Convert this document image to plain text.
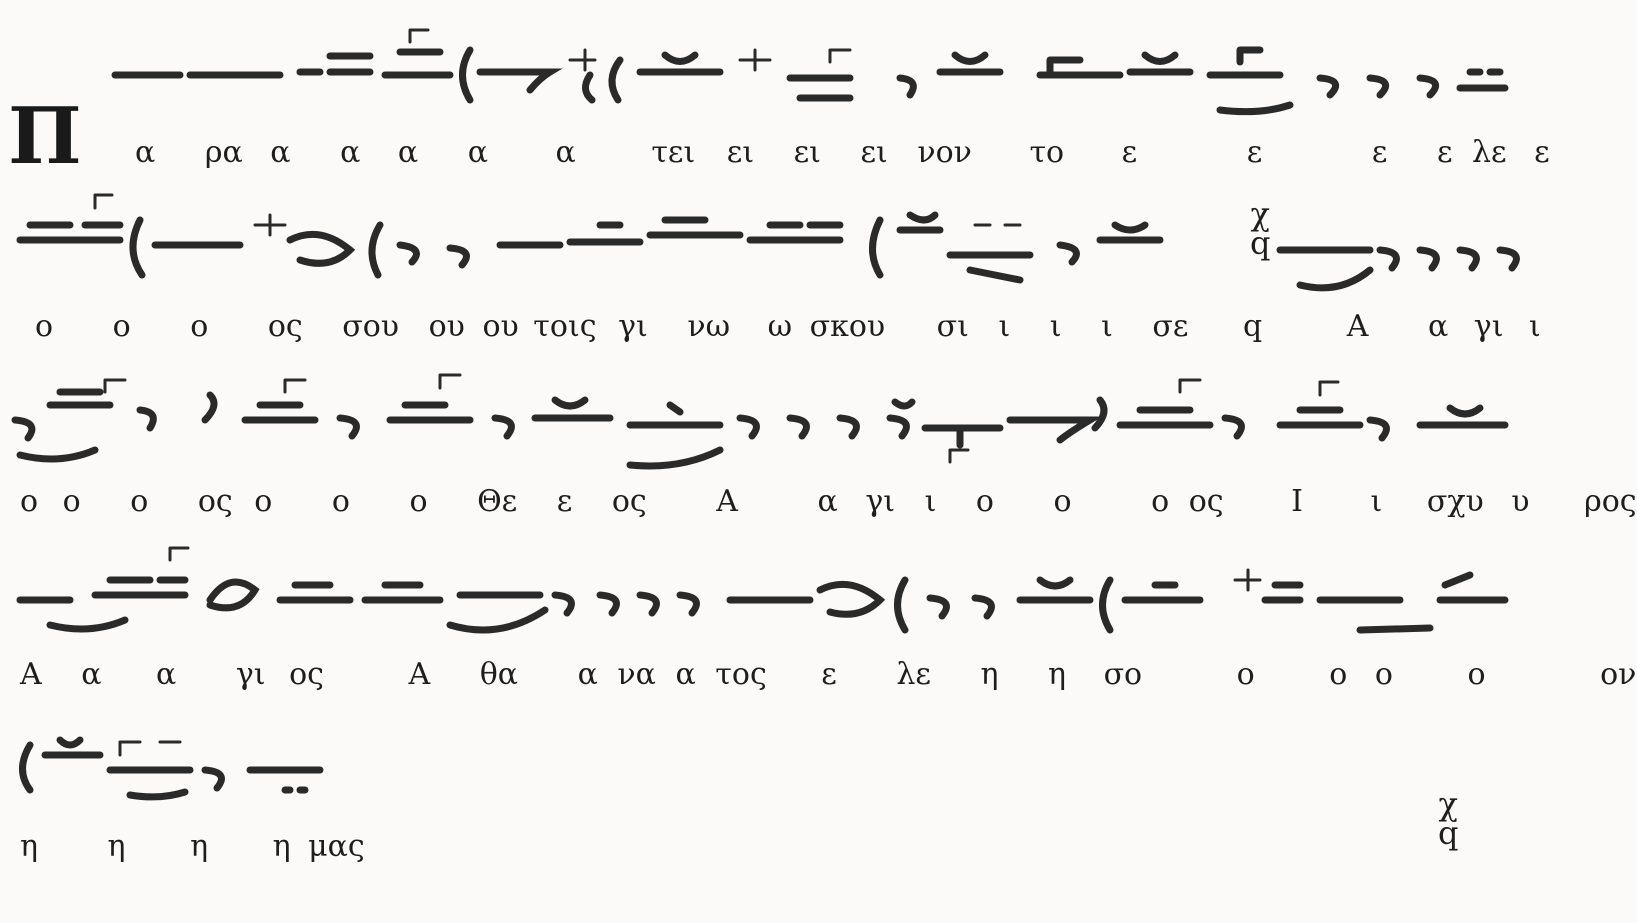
Π α ρα α α α α α	τει ει ει ει νον το ε	ε	ε ε λε ε
ο ο ο ος σου ου ου τοις γι νω ω σκου σι ι ι ι σε q	Α α γι ι
ο ο ο ος ο ο ο Θε ε ος Α	α γι ι ο ο	ο ος Ι ι σχυ υ ρος
Α α α γι ος	Α θα α να α τος ε λε η η σο	ο ο ο ο	ον
η η η η μας
χ
q
χ
q
